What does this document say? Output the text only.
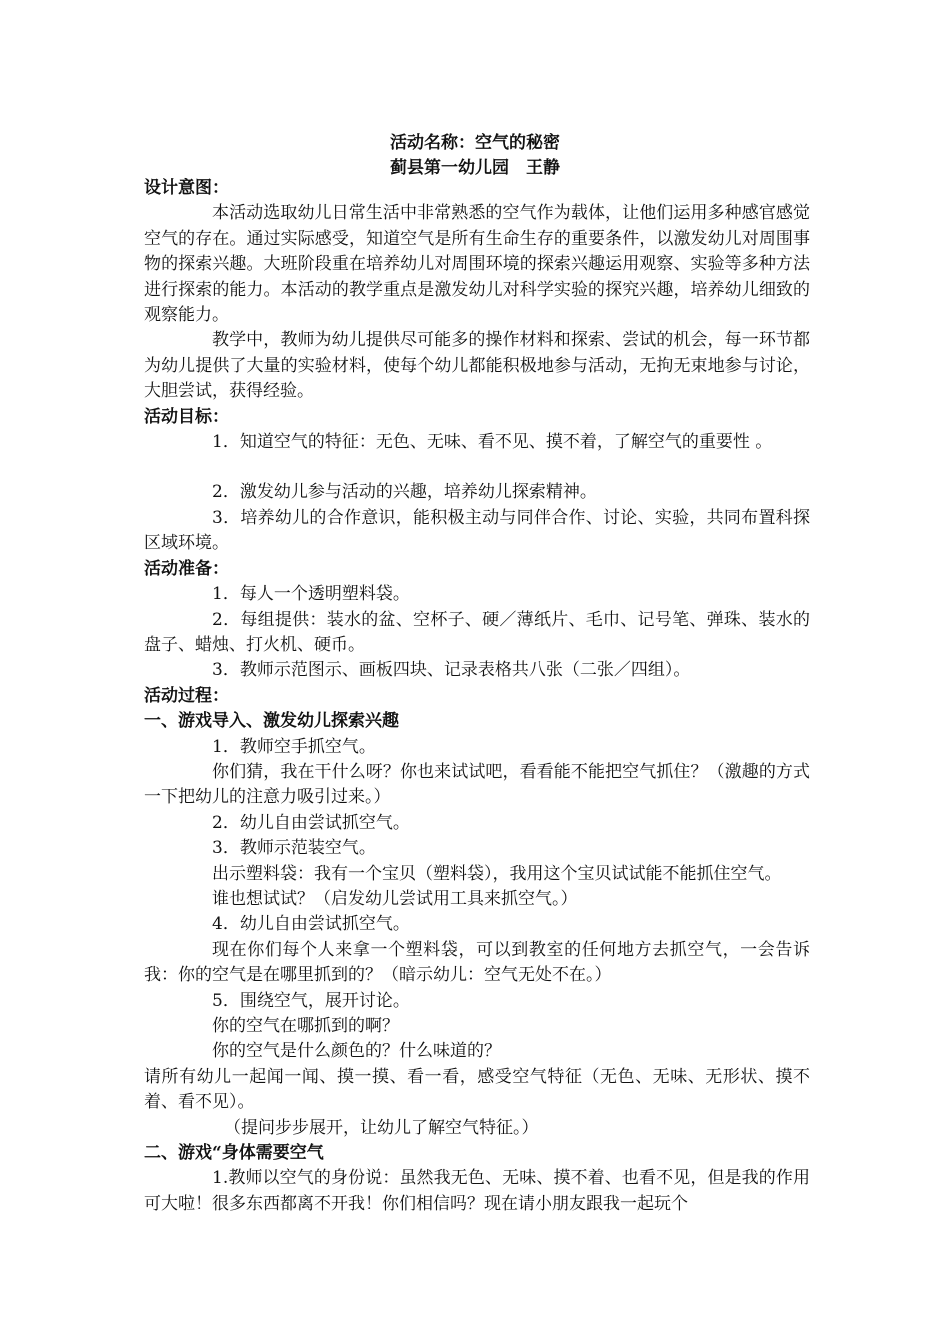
活动名称：空气的秘密
蓟县第一幼儿园　王静

设计意图：

本活动选取幼儿日常生活中非常熟悉的空气作为载体，让他们运用多种感官感觉空气的存在。通过实际感受，知道空气是所有生命生存的重要条件，以激发幼儿对周围事物的探索兴趣。大班阶段重在培养幼儿对周围环境的探索兴趣运用观察、实验等多种方法进行探索的能力。本活动的教学重点是激发幼儿对科学实验的探究兴趣，培养幼儿细致的观察能力。

教学中，教师为幼儿提供尽可能多的操作材料和探索、尝试的机会，每一环节都为幼儿提供了大量的实验材料，使每个幼儿都能积极地参与活动，无拘无束地参与讨论，大胆尝试，获得经验。

活动目标：

1．知道空气的特征：无色、无味、看不见、摸不着，了解空气的重要性 。

2．激发幼儿参与活动的兴趣，培养幼儿探索精神。

3．培养幼儿的合作意识，能积极主动与同伴合作、讨论、实验，共同布置科探区域环境。

活动准备：

1．每人一个透明塑料袋。

2．每组提供：装水的盆、空杯子、硬／薄纸片、毛巾、记号笔、弹珠、装水的盘子、蜡烛、打火机、硬币。

3．教师示范图示、画板四块、记录表格共八张（二张／四组）。

活动过程：

一、游戏导入、激发幼儿探索兴趣

1．教师空手抓空气。

你们猜，我在干什么呀？你也来试试吧，看看能不能把空气抓住？（激趣的方式一下把幼儿的注意力吸引过来。）

2．幼儿自由尝试抓空气。

3．教师示范装空气。

出示塑料袋：我有一个宝贝（塑料袋），我用这个宝贝试试能不能抓住空气。

谁也想试试？（启发幼儿尝试用工具来抓空气。）

4．幼儿自由尝试抓空气。

现在你们每个人来拿一个塑料袋，可以到教室的任何地方去抓空气，一会告诉我：你的空气是在哪里抓到的？（暗示幼儿：空气无处不在。）

5．围绕空气，展开讨论。

你的空气在哪抓到的啊？

你的空气是什么颜色的？什么味道的？

请所有幼儿一起闻一闻、摸一摸、看一看，感受空气特征（无色、无味、无形状、摸不着、看不见）。

（提问步步展开，让幼儿了解空气特征。）

二、游戏“身体需要空气

1.教师以空气的身份说：虽然我无色、无味、摸不着、也看不见，但是我的作用可大啦！很多东西都离不开我！你们相信吗？现在请小朋友跟我一起玩个
